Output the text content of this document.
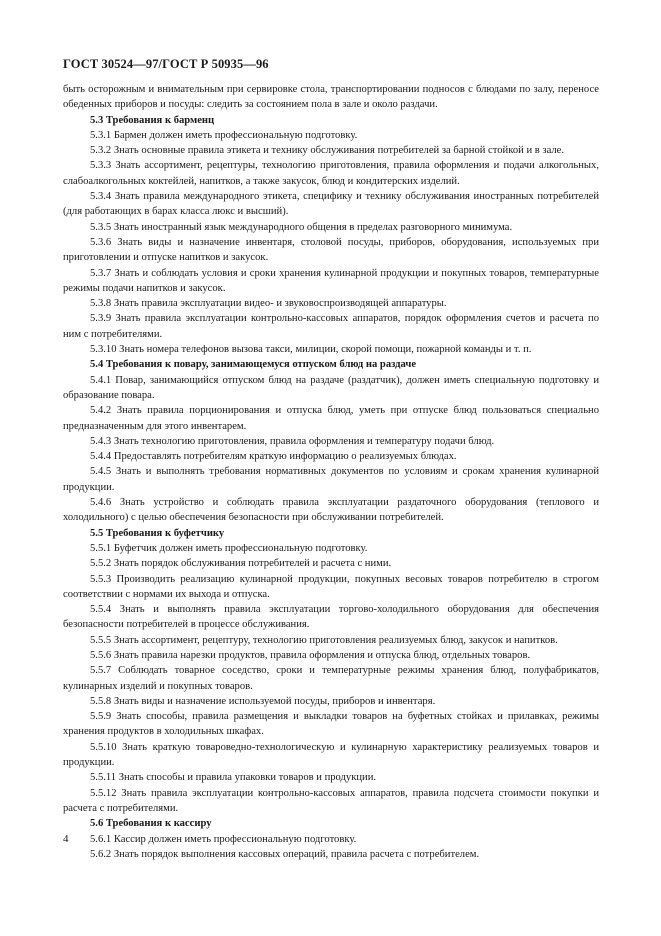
ГОСТ 30524—97/ГОСТ Р 50935—96

быть осторожным и внимательным при сервировке стола, транспортировании подносов с блюдами по залу, переносе обеденных приборов и посуды: следить за состоянием пола в зале и около раздачи.

5.3 Требования к барменц

5.3.1 Бармен должен иметь профессиональную подготовку.

5.3.2 Знать основные правила этикета и технику обслуживания потребителей за барной стойкой и в зале.

5.3.3 Знать ассортимент, рецептуры, технологию приготовления, правила оформления и подачи алкогольных, слабоалкогольных коктейлей, напитков, а также закусок, блюд и кондитерских изделий.

5.3.4 Знать правила международного этикета, специфику и технику обслуживания иностранных потребителей (для работающих в барах класса люкс и высший).

5.3.5 Знать иностранный язык международного общения в пределах разговорного минимума.

5.3.6 Знать виды и назначение инвентаря, столовой посуды, приборов, оборудования, используемых при приготовлении и отпуске напитков и закусок.

5.3.7 Знать и соблюдать условия и сроки хранения кулинарной продукции и покупных товаров, температурные режимы подачи напитков и закусок.

5.3.8 Знать правила эксплуатации видео- и звуковоспроизводящей аппаратуры.

5.3.9 Знать правила эксплуатации контрольно-кассовых аппаратов, порядок оформления счетов и расчета по ним с потребителями.

5.3.10 Знать номера телефонов вызова такси, милиции, скорой помощи, пожарной команды и т. п.

5.4 Требования к повару, занимающемуся отпуском блюд на раздаче

5.4.1 Повар, занимающийся отпуском блюд на раздаче (раздатчик), должен иметь специальную подготовку и образование повара.

5.4.2 Знать правила порционирования и отпуска блюд, уметь при отпуске блюд пользоваться специально предназначенным для этого инвентарем.

5.4.3 Знать технологию приготовления, правила оформления и температуру подачи блюд.

5.4.4 Предоставлять потребителям краткую информацию о реализуемых блюдах.

5.4.5 Знать и выполнять требования нормативных документов по условиям и срокам хранения кулинарной продукции.

5.4.6 Знать устройство и соблюдать правила эксплуатации раздаточного оборудования (теплового и холодильного) с целью обеспечения безопасности при обслуживании потребителей.

5.5 Требования к буфетчику

5.5.1 Буфетчик должен иметь профессиональную подготовку.

5.5.2 Знать порядок обслуживания потребителей и расчета с ними.

5.5.3 Производить реализацию кулинарной продукции, покупных весовых товаров потребителю в строгом соответствии с нормами их выхода и отпуска.

5.5.4 Знать и выполнять правила эксплуатации торгово-холодильного оборудования для обеспечения безопасности потребителей в процессе обслуживания.

5.5.5 Знать ассортимент, рецептуру, технологию приготовления реализуемых блюд, закусок и напитков.

5.5.6 Знать правила нарезки продуктов, правила оформления и отпуска блюд, отдельных товаров.

5.5.7 Соблюдать товарное соседство, сроки и температурные режимы хранения блюд, полуфабрикатов, кулинарных изделий и покупных товаров.

5.5.8 Знать виды и назначение используемой посуды, приборов и инвентаря.

5.5.9 Знать способы, правила размещения и выкладки товаров на буфетных стойках и прилавках, режимы хранения продуктов в холодильных шкафах.

5.5.10 Знать краткую товароведно-технологическую и кулинарную характеристику реализуемых товаров и продукции.

5.5.11 Знать способы и правила упаковки товаров и продукции.

5.5.12 Знать правила эксплуатации контрольно-кассовых аппаратов, правила подсчета стоимости покупки и расчета с потребителями.

5.6 Требования к кассиру

5.6.1 Кассир должен иметь профессиональную подготовку.

5.6.2 Знать порядок выполнения кассовых операций, правила расчета с потребителем.

4
